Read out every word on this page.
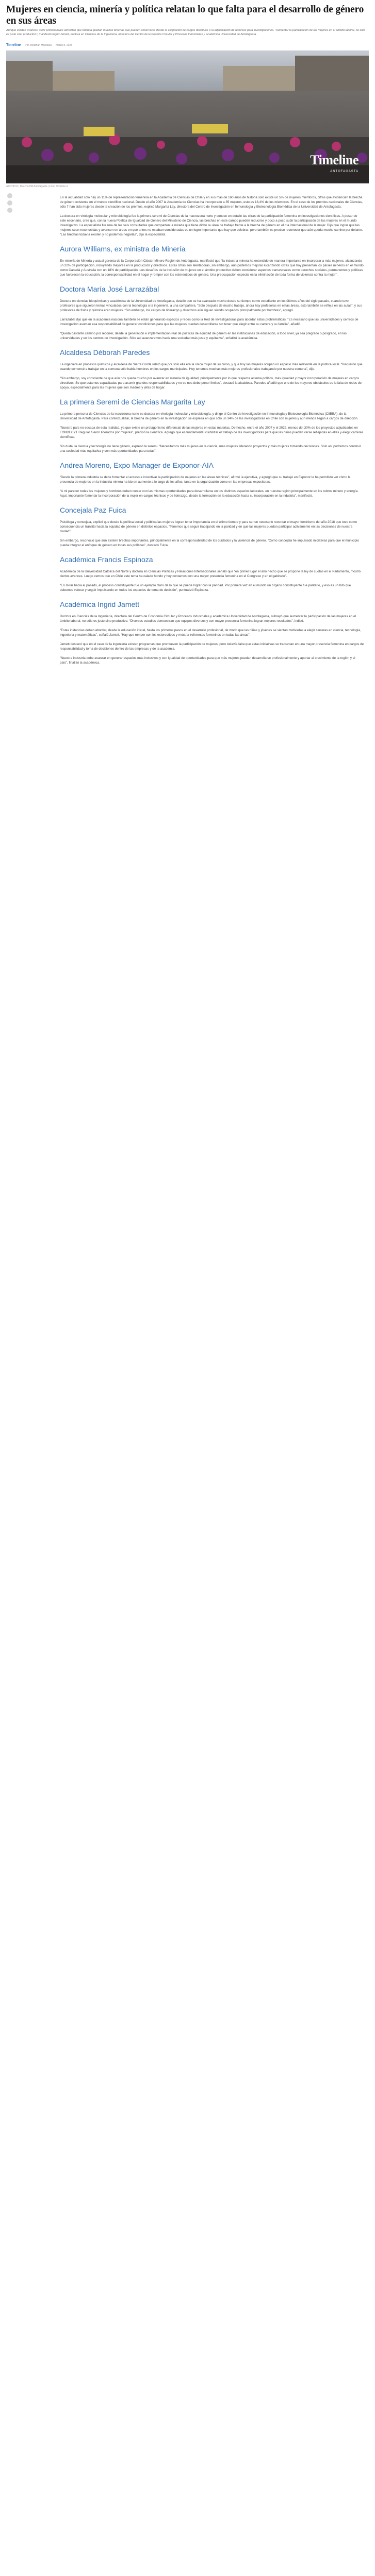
Mujeres en ciencia, minería y política relatan lo que falta para el desarrollo de género en sus áreas

Aunque existen avances, siete profesionales advierten que todavía quedan muchas brechas que pueden observarse desde la asignación de cargos directivos o la adjudicación de recursos para investigaciones. “Aumentar la participación de las mujeres en el ámbito laboral, no solo es justo sino productivo”, manifestó Ingrid Jamett, doctora en Ciencias de la Ingeniería, directora del Centro de Economía Circular y Procesos Industriales y académica Universidad de Antofagasta.

Timeline Por Jonathan Mondaca marzo 8, 2023
Timeline
ANTOFAGASTA

ARCHIVO | Marcha 8M Antofagasta | Foto: Timeline.cl

En la actualidad solo hay un 11% de representación femenina en la Academia de Ciencias de Chile y en sus más de 160 años de historia solo existe un 5% de mujeres miembros, cifras que evidencian la brecha de género existente en el mundo científico nacional. Desde el año 2007 la Academia de Ciencias ha incorporado a 35 mujeres, esto es 18,4% de los miembros. En el caso de los premios nacionales de Ciencias, sólo 7 han sido mujeres desde la creación de los premios, explicó Margarita Lay, directora del Centro de Investigación en Inmunología y Biotecnología Biomédica de la Universidad de Antofagasta.

La doctora en virología molecular y microbiología fue la primera seremi de Ciencias de la macrozona norte y conoce en detalle las cifras de la participación femenina en investigaciones científicas. A pesar de este escenario, cree que, con la nueva Política de Igualdad de Género del Ministerio de Ciencia, las brechas en este campo pueden reducirse y poco a poco subir la participación de las mujeres en el mundo investigativo. La especialista fue una de las seis consultadas que comparten la mirada que tiene dicho su área de trabajo frente a la brecha de género en el día internacional de la mujer. Dijo que lograr que las mujeres sean reconocidas y avancen en áreas en que antes no estaban consideradas es un logro importante que hay que celebrar, pero también es preciso reconocer que aún queda mucho camino por delante. “Las brechas todavía existen y no podemos negarlas”, dijo la especialista.

Aurora Williams, ex ministra de Minería

En minería de Minería y actual gerenta de la Corporación Clúster Minero Región de Antofagasta, manifestó que “la industria minera ha entendido de manera importante en incorporar a más mujeres, alcanzando un 22% de participación, incluyendo mayores en la producción y directivos. Estas cifras son alentadoras, sin embargo, aún podemos mejorar alcanzando cifras que hoy presentan los países mineros en el mundo como Canadá y Australia con un 18% de participación. Los desafíos de la inclusión de mujeres en el ámbito productivo deben considerar aspectos transversales como derechos sociales, permanentes y políticas que favorecen la educación, la corresponsabilidad en el hogar y romper con los estereotipos de género. Una preocupación especial es la eliminación de toda forma de violencia contra la mujer”.

Doctora María José Larrazábal

Doctora en ciencias bioquímicas y académica de la Universidad de Antofagasta, detalló que se ha avanzado mucho desde su tiempo como estudiante en los últimos años del siglo pasado, cuando tuvo profesores que siguieron temas vinculados con la tecnología o la ingeniería, a una compañera. “Solo después de mucho trabajo, ahora hay profesoras en estas áreas, esto también se refleja en las aulas”, y sus profesores de física y química eran mujeres. “Sin embargo, los cargos de liderazgo y directivos aún siguen siendo ocupados principalmente por hombres”, agregó.

Larrazábal dijo que en la academia nacional también se están generando espacios y redes como la Red de Investigadoras para abordar estas problemáticas. “Es necesario que las universidades y centros de investigación asuman esa responsabilidad de generar condiciones para que las mujeres puedan desarrollarse sin tener que elegir entre su carrera y su familia”, añadió.

“Queda bastante camino por recorrer, desde la generación e implementación real de políticas de equidad de género en las instituciones de educación, a todo nivel, ya sea pregrado o posgrado, en las universidades y en los centros de investigación. Sólo así avanzaremos hacia una sociedad más justa y equitativa”, enfatizó la académica.

Alcaldesa Déborah Paredes

La ingeniera en procesos químicos y alcaldesa de Sierra Gorda relató que por sólo ella era la única mujer de su curso, y que hoy las mujeres ocupan un espacio más relevante en la política local. “Recuerdo que cuando comencé a trabajar en la comuna sólo había hombres en los cargos municipales. Hoy tenemos muchas más mujeres profesionales trabajando por nuestra comuna”, dijo.

“Sin embargo, soy consciente de que aún nos queda mucho por avanzar en materia de igualdad, principalmente por lo que respecta al tema político, más igualdad y mayor incorporación de mujeres en cargos directivos. Se que estamos capacitadas para asumir grandes responsabilidades y no se nos debe poner limites”, destacó la alcaldesa. Paredes añadió que uno de los mayores obstáculos es la falta de redes de apoyo, especialmente para las mujeres que son madres y jefas de hogar.

La primera Seremi de Ciencias Margarita Lay

La primera persona de Ciencias de la macrozona norte es doctora en virología molecular y microbiología, y dirige el Centro de Investigación en Inmunología y Biotecnología Biomédica (CIIBBA), de la Universidad de Antofagasta. Para contextualizar, la brecha de género en la investigación se expresa en que sólo un 34% de las investigadoras en Chile son mujeres y aún menos llegan a cargos de dirección.

“Nuestro país no escapa de esta realidad, ya que existe un protagonismo diferencial de las mujeres en estas materias. De hecho, entre el año 2007 y el 2022, menos del 30% de los proyectos adjudicados en FONDECYT Regular fueron liderados por mujeres”, precisó la científica. Agregó que es fundamental visibilizar el trabajo de las investigadoras para que las niñas puedan verse reflejadas en ellas y elegir carreras científicas.

Sin duda, la ciencia y tecnología no tiene género, expresó la seremi. “Necesitamos más mujeres en la ciencia, más mujeres liderando proyectos y más mujeres tomando decisiones. Solo así podremos construir una sociedad más equitativa y con más oportunidades para todas”.

Andrea Moreno, Expo Manager de Exponor-AIA

“Desde la primera industria se debe fomentar el acceso e incentivar la participación de mujeres en las áreas técnicas”, afirmó la ejecutiva, y agregó que su trabajo en Exponor le ha permitido ver cómo la presencia de mujeres en la industria minera ha ido en aumento a lo largo de los años, tanto en la organización como en las empresas expositoras.

“A mi parecer todas las mujeres y hombres deben contar con las mismas oportunidades para desarrollarse en los distintos espacios laborales, en nuestra región principalmente en los rubros minero y energía. Aquí, importante fomentar la incorporación de la mujer en cargos técnicos y de liderazgo, desde la formación en la educación hasta su incorporación en la industria”, manifestó.

Concejala Paz Fuica

Psicóloga y concejala, explicó que desde la política social y pública las mujeres logran tener importancia en el último tiempo y para ser un necesario recordar el mayor feminismo del año 2018 que tuvo como consecuencia un tránsito hacia la equidad de género en distintos espacios. “Tenemos que seguir trabajando en la paridad y en que las mujeres puedan participar activamente en las decisiones de nuestra ciudad”.

Sin embargo, reconoció que aún existen brechas importantes, principalmente en la corresponsabilidad de los cuidados y la violencia de género. “Como concejala he impulsado iniciativas para que el municipio pueda integrar el enfoque de género en todas sus políticas”, destacó Fuica.

Académica Francis Espinoza

Académica de la Universidad Católica del Norte y doctora en Ciencias Políticas y Relaciones Internacionales señaló que “en primer lugar el año hecho que se propone la ley de cuotas en el Parlamento, mostró ciertos avances. Luego vemos que en Chile este tema ha calado hondo y hoy contamos con una mayor presencia femenina en el Congreso y en el gabinete”.

“En mirar hacia el pasado, el proceso constituyente fue un ejemplo claro de lo que se puede lograr con la paridad. Por primera vez en el mundo un órgano constituyente fue paritario, y eso es un hito que debemos valorar y seguir impulsando en todos los espacios de toma de decisión”, puntualizó Espinoza.

Académica Ingrid Jamett

Doctora en Ciencias de la Ingeniería, directora del Centro de Economía Circular y Procesos Industriales y académica Universidad de Antofagasta, subrayó que aumentar la participación de las mujeres en el ámbito laboral, no sólo es justo sino productivo. “Diversos estudios demuestran que equipos diversos y con mayor presencia femenina logran mejores resultados”, indicó.

“Estas instancias deben abordar, desde la educación inicial, hasta los primeros pasos en el desarrollo profesional, de modo que las niñas y jóvenes se sientan motivadas a elegir carreras en ciencia, tecnología, ingeniería y matemáticas”, señaló Jamett. “Hay que romper con los estereotipos y mostrar referentes femeninos en todas las áreas”.

Jamett destacó que en el caso de la ingeniería existen programas que promueven la participación de mujeres, pero todavía falta que estas iniciativas se traduzcan en una mayor presencia femenina en cargos de responsabilidad y toma de decisiones dentro de las empresas y de la academia.

“Nuestra industria debe avanzar en generar espacios más inclusivos y con igualdad de oportunidades para que más mujeres puedan desarrollarse profesionalmente y aportar al crecimiento de la región y el país”, finalizó la académica.
